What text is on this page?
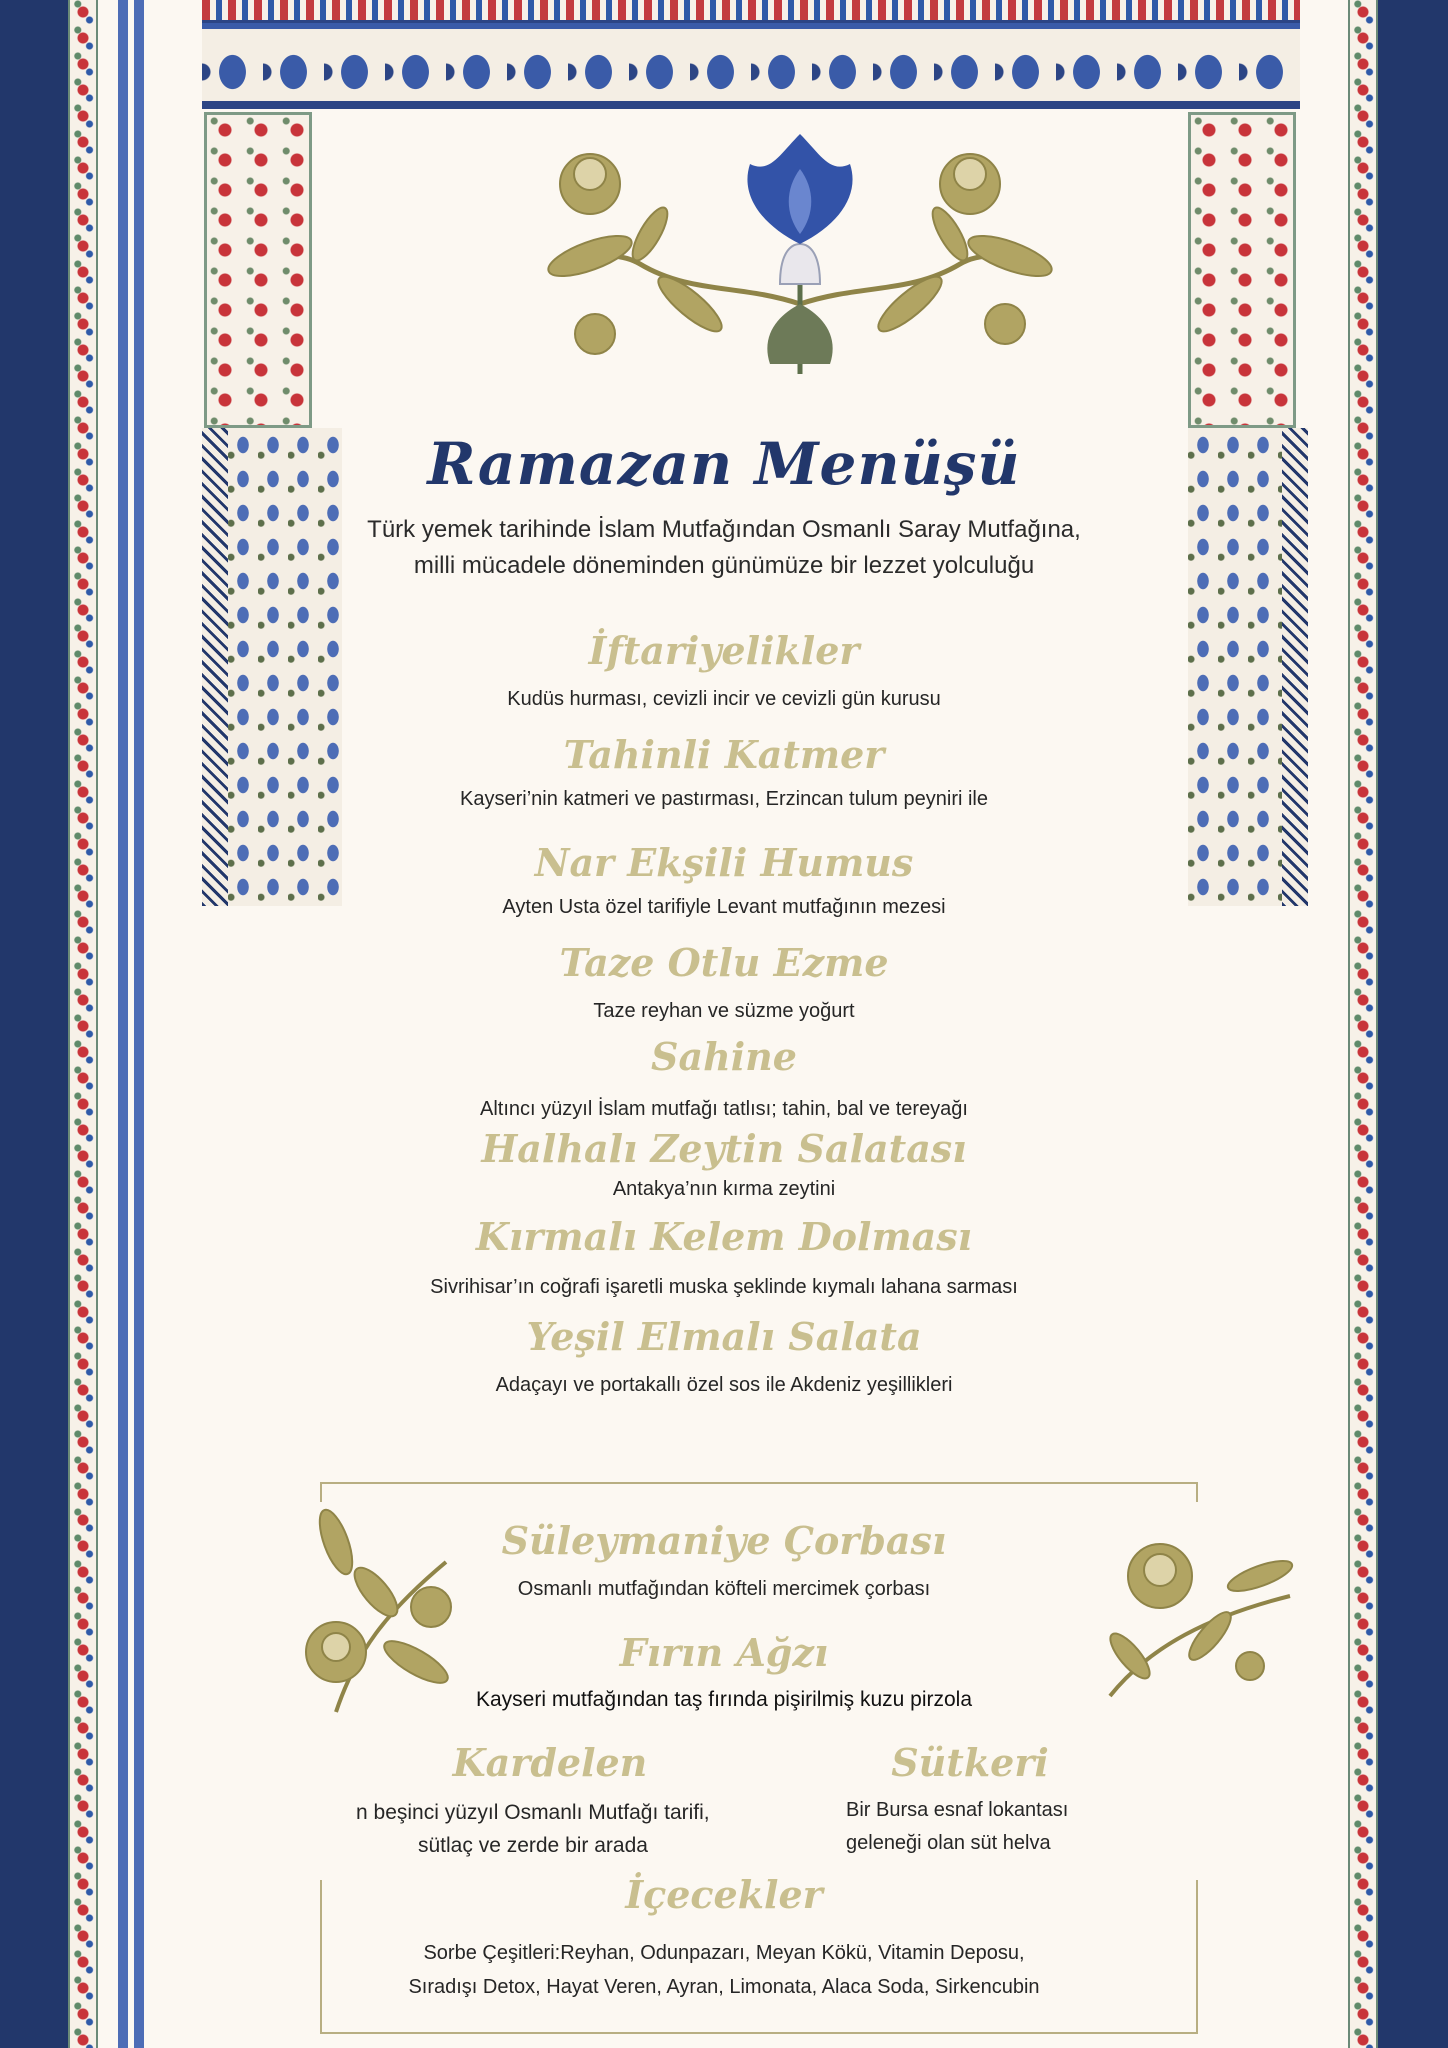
Ramazan Menüşü
Türk yemek tarihinde İslam Mutfağından Osmanlı Saray Mutfağına,
milli mücadele döneminden günümüze bir lezzet yolculuğu
İftariyelikler
Kudüs hurması, cevizli incir ve cevizli gün kurusu
Tahinli Katmer
Kayseri’nin katmeri ve pastırması, Erzincan tulum peyniri ile
Nar Ekşili Humus
Ayten Usta özel tarifiyle Levant mutfağının mezesi
Taze Otlu Ezme
Taze reyhan ve süzme yoğurt
Sahine
Altıncı yüzyıl İslam mutfağı tatlısı; tahin, bal ve tereyağı
Halhalı Zeytin Salatası
Antakya’nın kırma zeytini
Kırmalı Kelem Dolması
Sivrihisar’ın coğrafi işaretli muska şeklinde kıymalı lahana sarması
Yeşil Elmalı Salata
Adaçayı ve portakallı özel sos ile Akdeniz yeşillikleri
Süleymaniye Çorbası
Osmanlı mutfağından köfteli mercimek çorbası
Fırın Ağzı
Kayseri mutfağından taş fırında pişirilmiş kuzu pirzola
Kardelen
n beşinci yüzyıl Osmanlı Mutfağı tarifi,
sütlaç ve zerde bir arada
Sütkeri
Bir Bursa esnaf lokantası
geleneği olan süt helva
İçecekler
Sorbe Çeşitleri:Reyhan, Odunpazarı, Meyan Kökü, Vitamin Deposu,
Sıradışı Detox, Hayat Veren, Ayran, Limonata, Alaca Soda, Sirkencubin
